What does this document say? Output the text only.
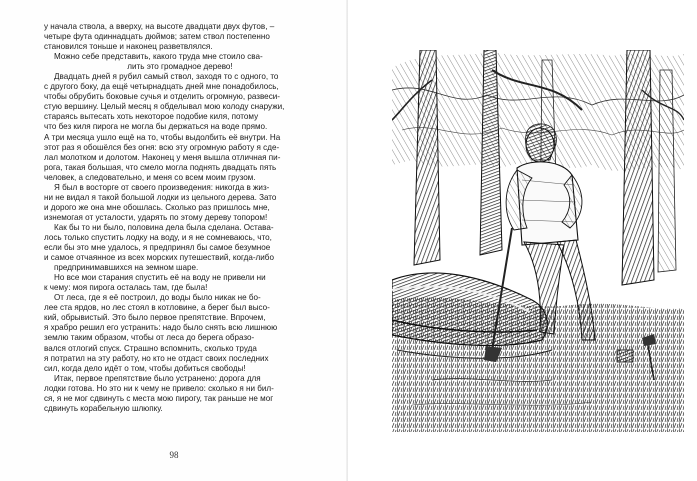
у начала ствола, а вверху, на высоте двадцати двух футов, –
четыре фута одиннадцать дюймов; затем ствол постепенно
становился тоньше и наконец разветвлялся.
Можно себе представить, какого труда мне стоило сва-
лить это громадное дерево!
Двадцать дней я рубил самый ствол, заходя то с одного, то
с другого боку, да ещё четырнадцать дней мне понадобилось,
чтобы обрубить боковые сучья и отделить огромную, развеси-
стую вершину. Целый месяц я обделывал мою колоду снаружи,
стараясь вытесать хоть некоторое подобие киля, потому
что без киля пирога не могла бы держаться на воде прямо.
А три месяца ушло ещё на то, чтобы выдолбить её внутри. На
этот раз я обошёлся без огня: всю эту огромную работу я сде-
лал молотком и долотом. Наконец у меня вышла отличная пи-
рога, такая большая, что смело могла поднять двадцать пять
человек, а следовательно, и меня со всем моим грузом.
Я был в восторге от своего произведения: никогда в жиз-
ни не видал я такой большой лодки из цельного дерева. Зато
и дорого же она мне обошлась. Сколько раз пришлось мне,
изнемогая от усталости, ударять по этому дереву топором!
Как бы то ни было, половина дела была сделана. Остава-
лось только спустить лодку на воду, и я не сомневаюсь, что,
если бы это мне удалось, я предпринял бы самое безумное
и самое отчаянное из всех морских путешествий, когда-либо
предпринимавшихся на земном шаре.
Но все мои старания спустить её на воду не привели ни
к чему: моя пирога осталась там, где была!
От леса, где я её построил, до воды было никак не бо-
лее ста ярдов, но лес стоял в котловине, а берег был высо-
кий, обрывистый. Это было первое препятствие. Впрочем,
я храбро решил его устранить: надо было снять всю лишнюю
землю таким образом, чтобы от леса до берега образо-
вался отлогий спуск. Страшно вспомнить, сколько труда
я потратил на эту работу, но кто не отдаст своих последних
сил, когда дело идёт о том, чтобы добиться свободы!
Итак, первое препятствие было устранено: дорога для
лодки готова. Но это ни к чему не привело: сколько я ни бил-
ся, я не мог сдвинуть с места мою пирогу, так раньше не мог
сдвинуть корабельную шлюпку.
98
